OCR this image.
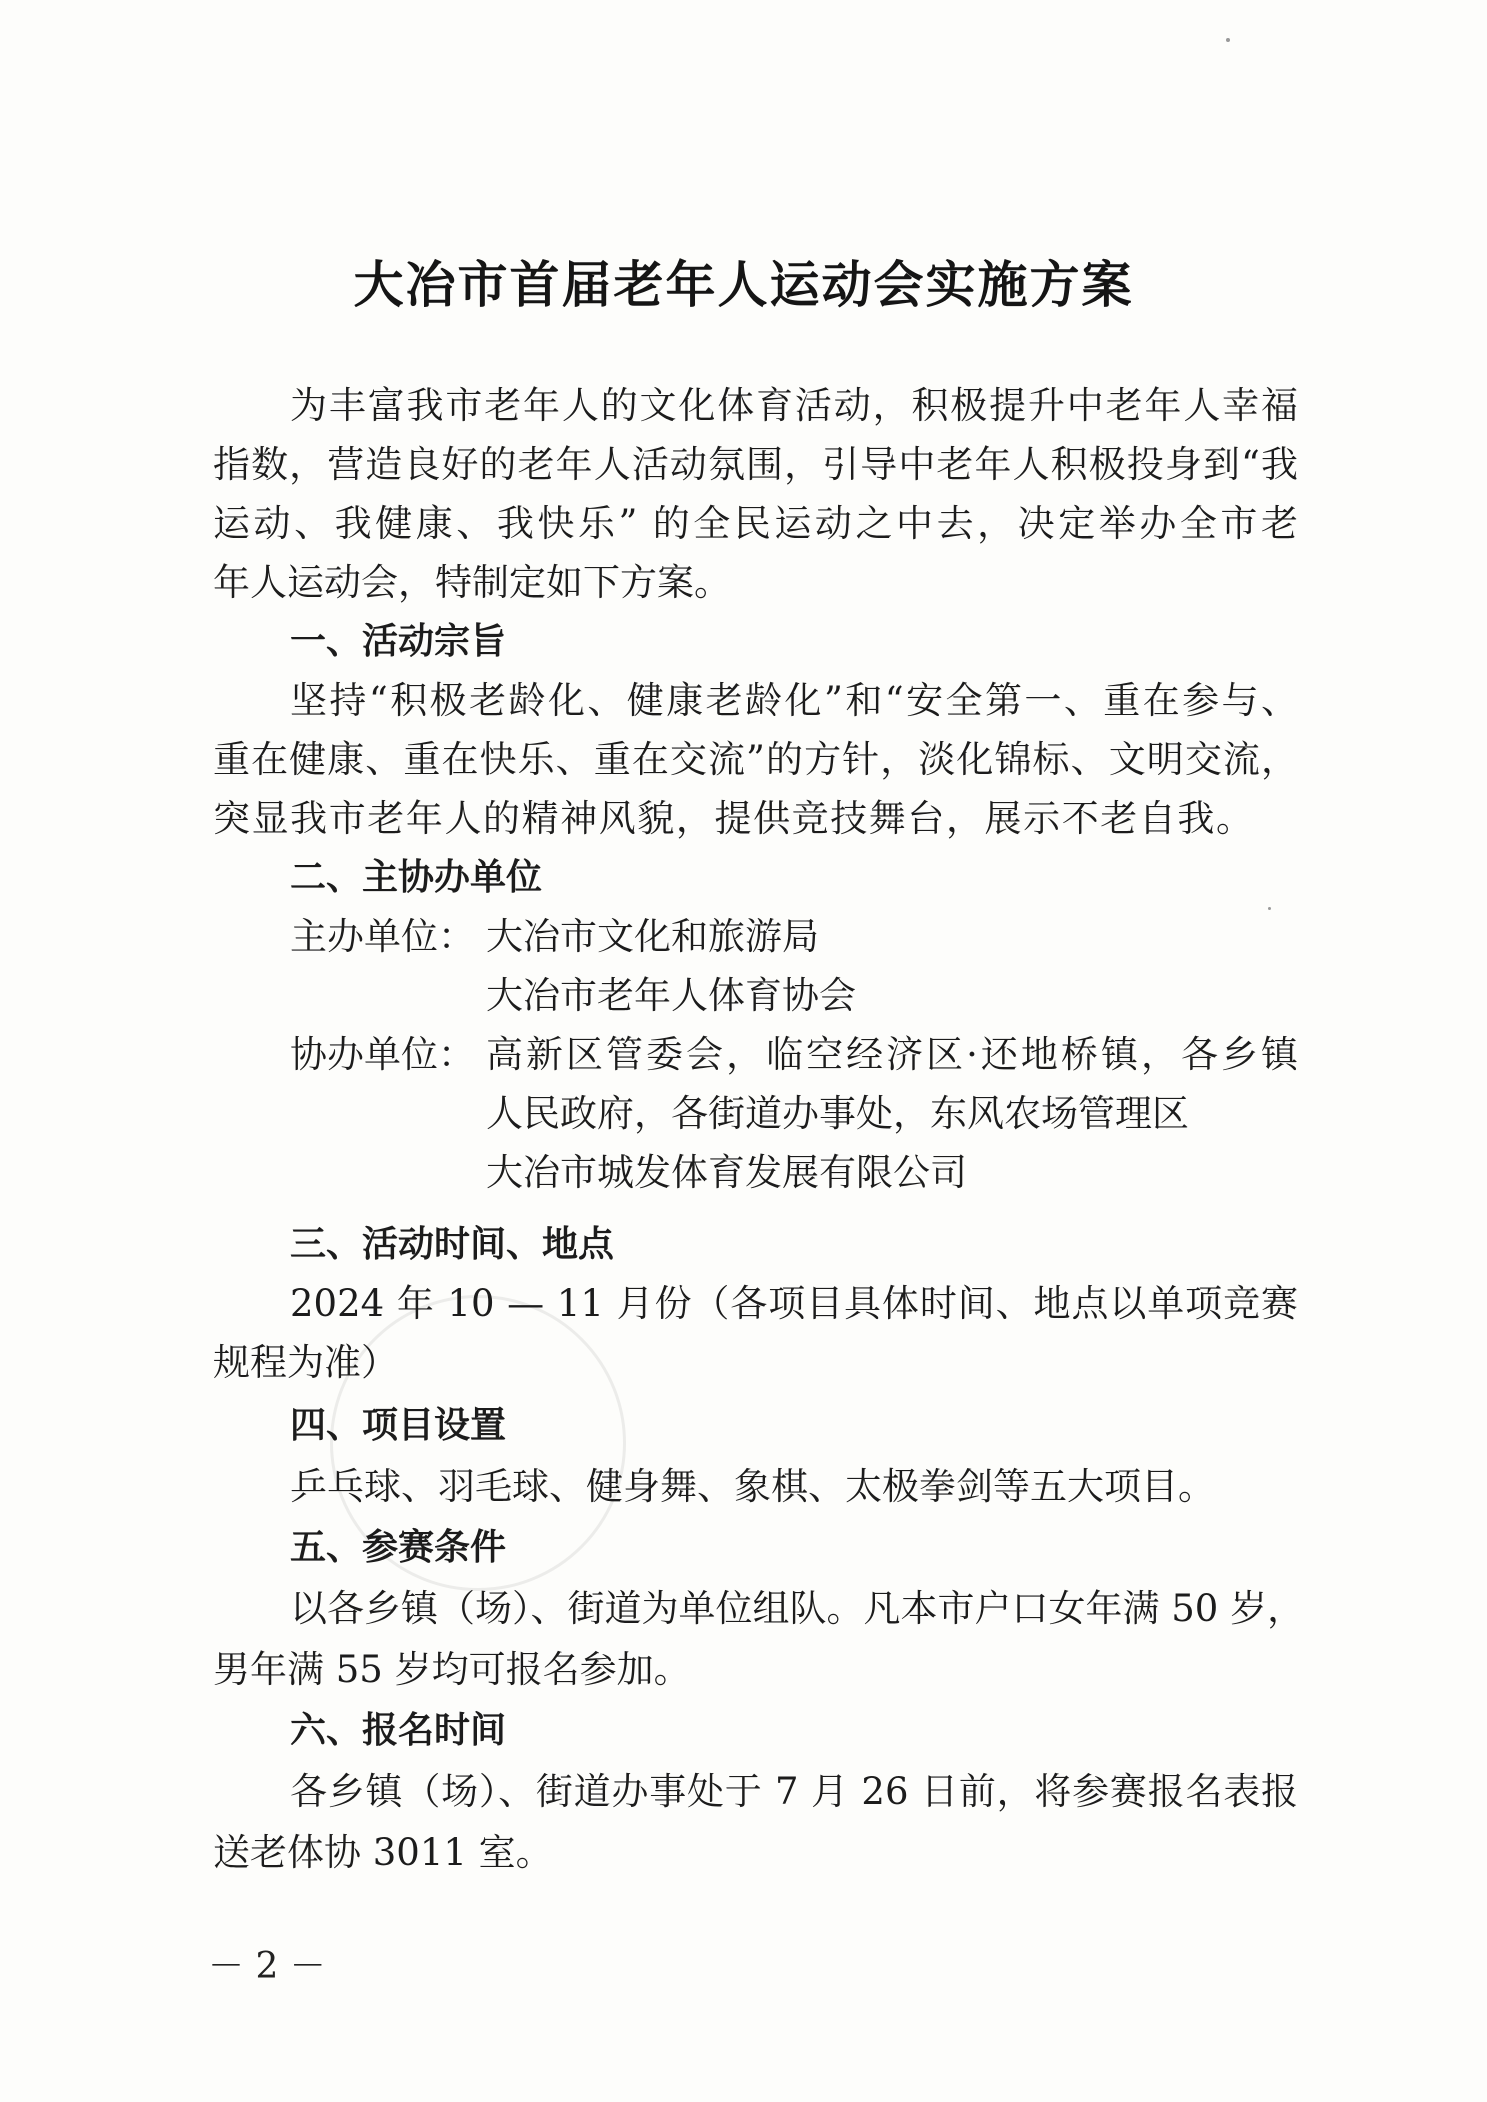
大冶市首届老年人运动会实施方案
为丰富我市老年人的文化体育活动，积极提升中老年人幸福
指数，营造良好的老年人活动氛围，引导中老年人积极投身到“我
运动、我健康、我快乐” 的全民运动之中去，决定举办全市老
年人运动会，特制定如下方案。
一、活动宗旨
坚持“积极老龄化、健康老龄化”和“安全第一、重在参与、
重在健康、重在快乐、重在交流”的方针，淡化锦标、文明交流，
突显我市老年人的精神风貌，提供竞技舞台，展示不老自我。
二、主协办单位
主办单位： 大冶市文化和旅游局
大冶市老年人体育协会
协办单位： 高新区管委会，临空经济区·还地桥镇，各乡镇
人民政府，各街道办事处，东风农场管理区
大冶市城发体育发展有限公司
三、活动时间、地点
2024 年 10 — 11 月份（各项目具体时间、地点以单项竞赛
规程为准）
四、项目设置
乒乓球、羽毛球、健身舞、象棋、太极拳剑等五大项目。
五、参赛条件
以各乡镇（场）、街道为单位组队。凡本市户口女年满 50 岁，
男年满 55 岁均可报名参加。
六、报名时间
各乡镇（场）、街道办事处于 7 月 26 日前，将参赛报名表报
送老体协 3011 室。
－ 2 －
